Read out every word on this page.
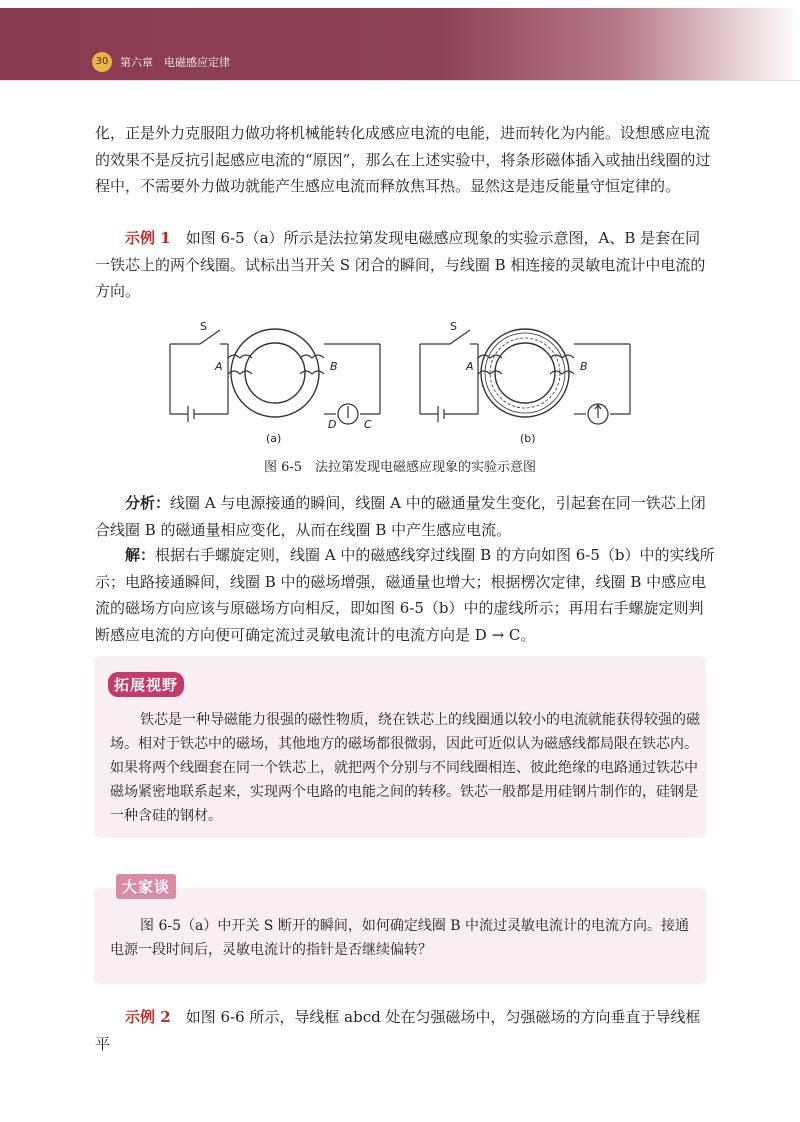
30	第六章　电磁感应定律

化，正是外力克服阻力做功将机械能转化成感应电流的电能，进而转化为内能。设想感应电流的效果不是反抗引起感应电流的“原因”，那么在上述实验中，将条形磁体插入或抽出线圈的过程中，不需要外力做功就能产生感应电流而释放焦耳热。显然这是违反能量守恒定律的。

示例 1　 如图 6-5（a）所示是法拉第发现电磁感应现象的实验示意图，A、B 是套在同一铁芯上的两个线圈。试标出当开关 S 闭合的瞬间，与线圈 B 相连接的灵敏电流计中电流的方向。

S
A	B
D	C
(a)
S
A	B
(b)
图 6-5　法拉第发现电磁感应现象的实验示意图

分析：线圈 A 与电源接通的瞬间，线圈 A 中的磁通量发生变化，引起套在同一铁芯上闭合线圈 B 的磁通量相应变化，从而在线圈 B 中产生感应电流。

解：根据右手螺旋定则，线圈 A 中的磁感线穿过线圈 B 的方向如图 6-5（b）中的实线所示；电路接通瞬间，线圈 B 中的磁场增强，磁通量也增大；根据楞次定律，线圈 B 中感应电流的磁场方向应该与原磁场方向相反，即如图 6-5（b）中的虚线所示；再用右手螺旋定则判断感应电流的方向便可确定流过灵敏电流计的电流方向是 D → C。

拓展视野

铁芯是一种导磁能力很强的磁性物质，绕在铁芯上的线圈通以较小的电流就能获得较强的磁场。相对于铁芯中的磁场，其他地方的磁场都很微弱，因此可近似认为磁感线都局限在铁芯内。如果将两个线圈套在同一个铁芯上，就把两个分别与不同线圈相连、彼此绝缘的电路通过铁芯中磁场紧密地联系起来，实现两个电路的电能之间的转移。铁芯一般都是用硅钢片制作的，硅钢是一种含硅的钢材。

大家谈

图 6-5（a）中开关 S 断开的瞬间，如何确定线圈 B 中流过灵敏电流计的电流方向。接通电源一段时间后，灵敏电流计的指针是否继续偏转？

示例 2　 如图 6-6 所示，导线框 abcd 处在匀强磁场中，匀强磁场的方向垂直于导线框平
